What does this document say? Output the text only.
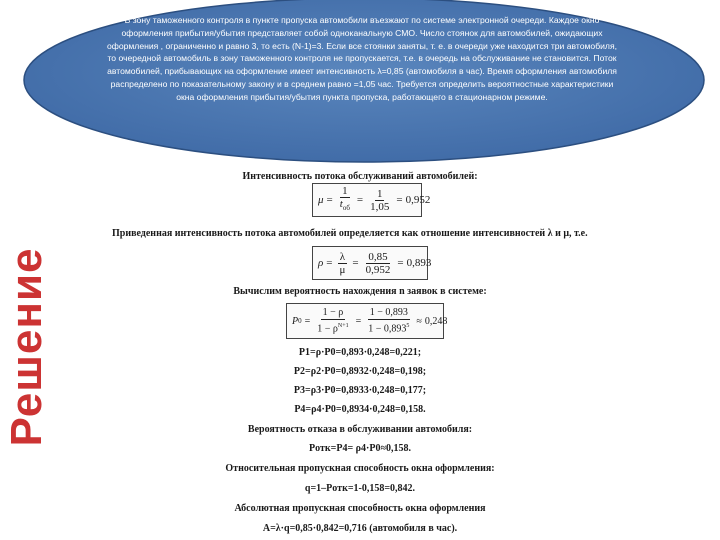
В зону таможенного контроля в пункте пропуска автомобили въезжают по системе электронной очереди. Каждое окно оформления прибытия/убытия представляет собой одноканальную СМО. Число стоянок для автомобилей, ожидающих оформления , ограниченно и равно 3, то есть (N-1)=3. Если все стоянки заняты, т. е. в очереди уже находится три автомобиля, то очередной автомобиль в зону таможенного контроля не пропускается, т.е. в очередь на обслуживание не становится. Поток автомобилей, прибывающих на оформление имеет интенсивность λ=0,85 (автомобиля в час). Время оформления автомобиля распределено по показательному закону и в среднем равно =1,05 час. Требуется определить вероятностные характеристики окна оформления прибытия/убытия пункта пропуска, работающего в стационарном режиме.
Решение
Интенсивность потока обслуживаний автомобилей:
$\mu = \frac{1}{t_{об}} = \frac{1}{1,05} = 0,952$
Приведенная интенсивность потока автомобилей определяется как отношение интенсивностей λ и μ, т.е.
$\rho = \frac{\lambda}{\mu} = \frac{0,85}{0,952} = 0,893$
Вычислим вероятность нахождения n заявок в системе:
P $0 = \frac{1 - \rho}{1 - \rho^{N+1}} = \frac{1 - 0,893}{1 - 0,893^5} \approx 0,248$
P1=ρ·P0=0,893·0,248=0,221;
P2=ρ2·P0=0,8932·0,248=0,198;
P3=ρ3·P0=0,8933·0,248=0,177;
P4=ρ4·P0=0,8934·0,248=0,158.
Вероятность отказа в обслуживании автомобиля:
Pотк=P4= ρ4·P0≈0,158.
Относительная пропускная способность окна оформления:
q=1–Pотк=1-0,158=0,842.
Абсолютная пропускная способность окна оформления
A=λ·q=0,85·0,842=0,716 (автомобиля в час).
